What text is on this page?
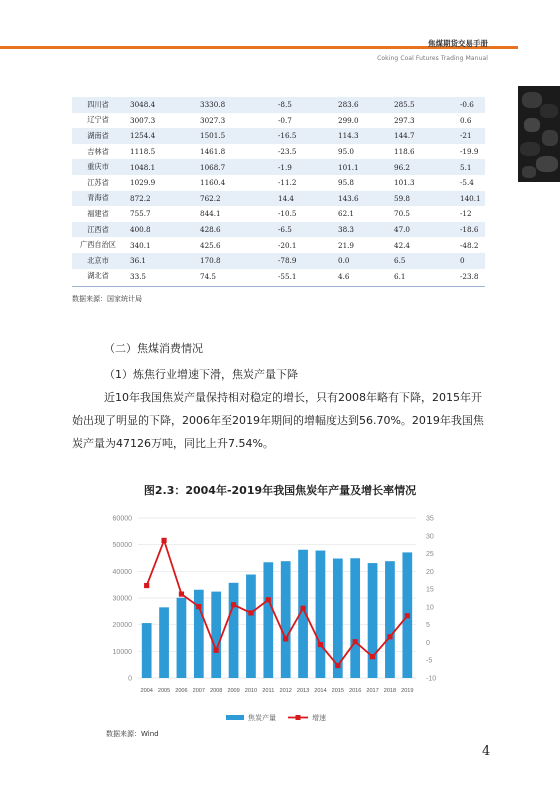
焦煤期货交易手册
Coking Coal Futures Trading Manual
四川省	3048.4	3330.8	-8.5	283.6	285.5	-0.6
辽宁省	3007.3	3027.3	-0.7	299.0	297.3	0.6
湖南省	1254.4	1501.5	-16.5	114.3	144.7	-21
吉林省	1118.5	1461.8	-23.5	95.0	118.6	-19.9
重庆市	1048.1	1068.7	-1.9	101.1	96.2	5.1
江苏省	1029.9	1160.4	-11.2	95.8	101.3	-5.4
青海省	872.2	762.2	14.4	143.6	59.8	140.1
福建省	755.7	844.1	-10.5	62.1	70.5	-12
江西省	400.8	428.6	-6.5	38.3	47.0	-18.6
广西自治区	340.1	425.6	-20.1	21.9	42.4	-48.2
北京市	36.1	170.8	-78.9	0.0	6.5	0
湖北省	33.5	74.5	-55.1	4.6	6.1	-23.8
数据来源：国家统计局
（二）焦煤消费情况
（1）炼焦行业增速下滑，焦炭产量下降

近10年我国焦炭产量保持相对稳定的增长，只有2008年略有下降，2015年开始出现了明显的下降，2006年至2019年期间的增幅度达到56.70%。2019年我国焦炭产量为47126万吨，同比上升7.54%。

图2.3：2004年-2019年我国焦炭年产量及增长率情况
0
10000
20000
30000
40000
50000
60000
-10
-5
0
5
10
15
20
25
30
35
2004 2005 2006 2007 2008 2009 2010 2011 2012 2013 2014 2015 2016 2017 2018 2019
焦炭产量	增速
数据来源：Wind
4
